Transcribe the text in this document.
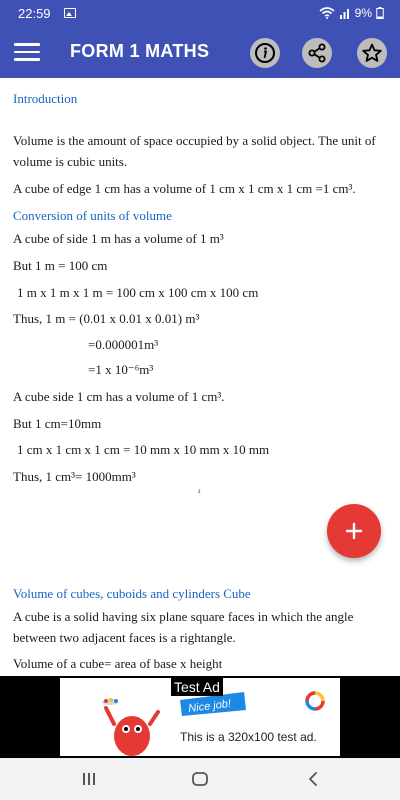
22:59	9%
FORM 1 MATHS
Introduction
Volume is the amount of space occupied by a solid object. The unit of
volume is cubic units.
A cube of edge 1 cm has a volume of 1 cm x 1 cm x 1 cm =1 cm³.
Conversion of units of volume
A cube of side 1 m has a volume of 1 m³
But 1 m = 100 cm
1 m x 1 m x 1 m = 100 cm x 100 cm x 100 cm
Thus, 1 m = (0.01 x 0.01 x 0.01) m³
=0.000001m³
=1 x 10⁻⁶m³
A cube side 1 cm has a volume of 1 cm³.
But 1 cm=10mm
1 cm x 1 cm x 1 cm = 10 mm x 10 mm x 10 mm
Thus, 1 cm³= 1000mm³
²
Volume of cubes, cuboids and cylinders Cube
A cube is a solid having six plane square faces in which the angle
between two adjacent faces is a rightangle.
Volume of a cube= area of base x height
Nice job!
This is a 320x100 test ad.
Test Ad
